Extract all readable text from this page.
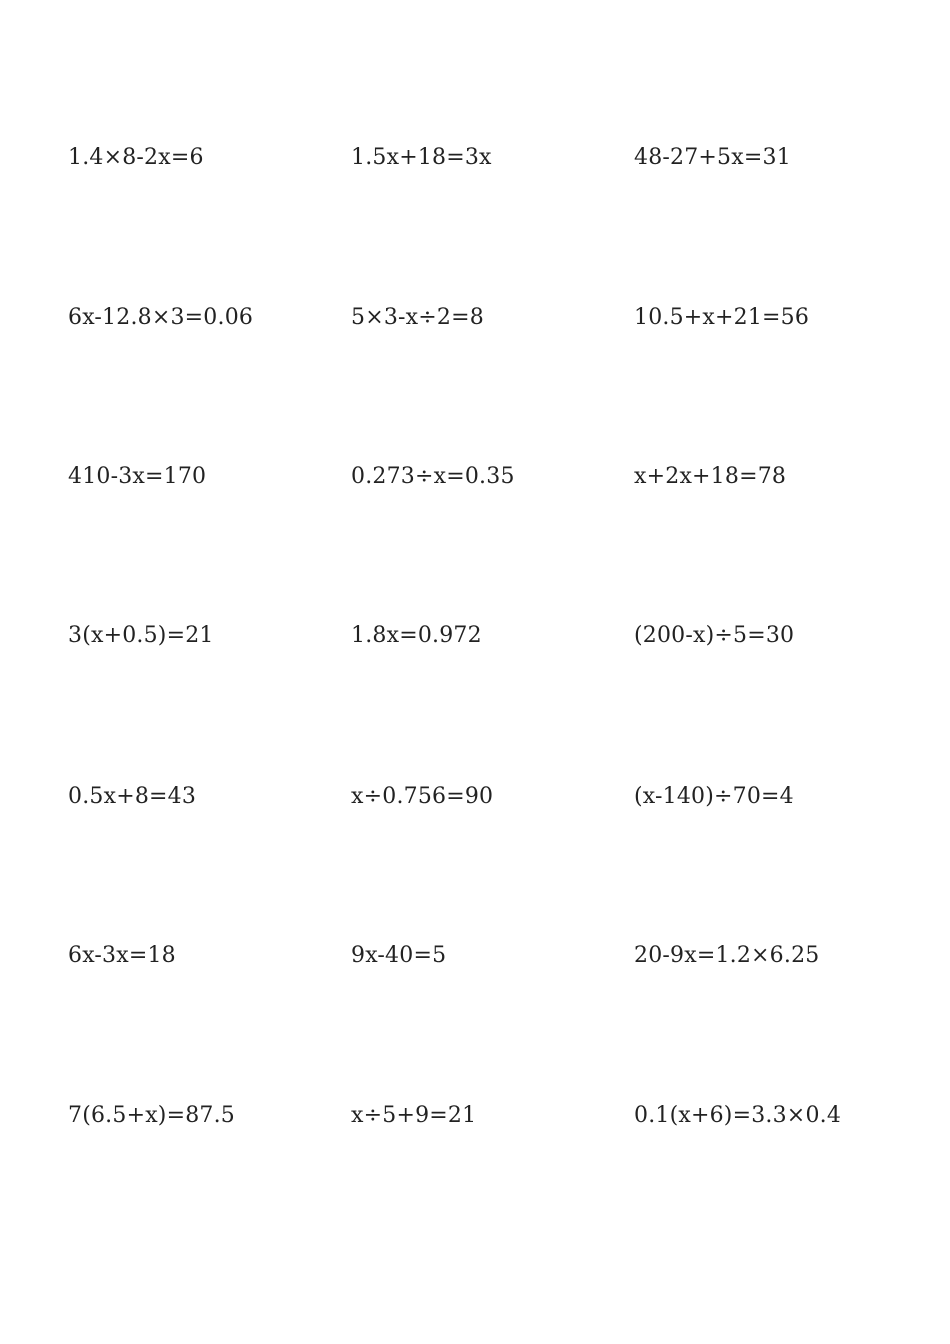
1.4×8-2x=6	1.5x+18=3x	48-27+5x=31
6x-12.8×3=0.06	5×3-x÷2=8	10.5+x+21=56
410-3x=170	0.273÷x=0.35	x+2x+18=78
3(x+0.5)=21	1.8x=0.972	(200-x)÷5=30
0.5x+8=43	x÷0.756=90	(x-140)÷70=4
6x-3x=18	9x-40=5	20-9x=1.2×6.25
7(6.5+x)=87.5	x÷5+9=21	0.1(x+6)=3.3×0.4
